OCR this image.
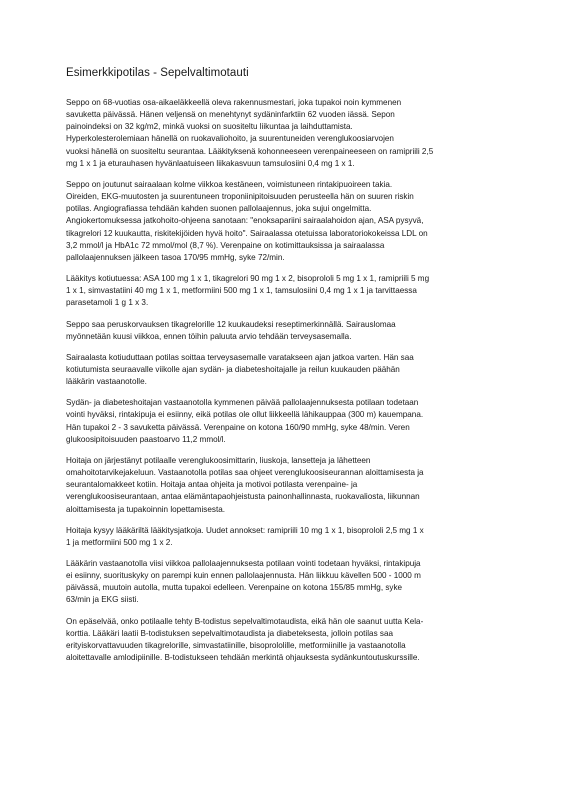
Esimerkkipotilas - Sepelvaltimotauti

Seppo on 68-vuotias osa-aikaeläkkeellä oleva rakennusmestari, joka tupakoi noin kymmenen
savuketta päivässä. Hänen veljensä on menehtynyt sydäninfarktiin 62 vuoden iässä. Sepon
painoindeksi on 32 kg/m2, minkä vuoksi on suositeltu liikuntaa ja laihduttamista.
Hyperkolesterolemiaan hänellä on ruokavaliohoito, ja suurentuneiden verenglukoosiarvojen
vuoksi hänellä on suositeltu seurantaa. Lääkityksenä kohonneeseen verenpaineeseen on ramipriili 2,5
mg 1 x 1 ja eturauhasen hyvänlaatuiseen liikakasvuun tamsulosiini 0,4 mg 1 x 1.

Seppo on joutunut sairaalaan kolme viikkoa kestäneen, voimistuneen rintakipuoireen takia.
Oireiden, EKG-muutosten ja suurentuneen troponiinipitoisuuden perusteella hän on suuren riskin
potilas. Angiografiassa tehdään kahden suonen pallolaajennus, joka sujui ongelmitta.
Angiokertomuksessa jatkohoito-ohjeena sanotaan: "enoksapariini sairaalahoidon ajan, ASA pysyvä,
tikagrelori 12 kuukautta, riskitekijöiden hyvä hoito". Sairaalassa otetuissa laboratoriokokeissa LDL on
3,2 mmol/l ja HbA1c 72 mmol/mol (8,7 %). Verenpaine on kotimittauksissa ja sairaalassa
pallolaajennuksen jälkeen tasoa 170/95 mmHg, syke 72/min.

Lääkitys kotiutuessa: ASA 100 mg 1 x 1, tikagrelori 90 mg 1 x 2, bisoprololi 5 mg 1 x 1, ramipriili 5 mg
1 x 1, simvastatiini 40 mg 1 x 1, metformiini 500 mg 1 x 1, tamsulosiini 0,4 mg 1 x 1 ja tarvittaessa
parasetamoli 1 g 1 x 3.

Seppo saa peruskorvauksen tikagrelorille 12 kuukaudeksi reseptimerkinnällä. Sairauslomaa
myönnetään kuusi viikkoa, ennen töihin paluuta arvio tehdään terveysasemalla.

Sairaalasta kotiuduttaan potilas soittaa terveysasemalle varatakseen ajan jatkoa varten. Hän saa
kotiutumista seuraavalle viikolle ajan sydän- ja diabeteshoitajalle ja reilun kuukauden päähän
lääkärin vastaanotolle.

Sydän- ja diabeteshoitajan vastaanotolla kymmenen päivää pallolaajennuksesta potilaan todetaan
vointi hyväksi, rintakipuja ei esiinny, eikä potilas ole ollut liikkeellä lähikauppaa (300 m) kauempana.
Hän tupakoi 2 - 3 savuketta päivässä. Verenpaine on kotona 160/90 mmHg, syke 48/min. Veren
glukoosipitoisuuden paastoarvo 11,2 mmol/l.

Hoitaja on järjestänyt potilaalle verenglukoosimittarin, liuskoja, lansetteja ja lähetteen
omahoitotarvikejakeluun. Vastaanotolla potilas saa ohjeet verenglukoosiseurannan aloittamisesta ja
seurantalomakkeet kotiin. Hoitaja antaa ohjeita ja motivoi potilasta verenpaine- ja
verenglukoosiseurantaan, antaa elämäntapaohjeistusta painonhallinnasta, ruokavaliosta, liikunnan
aloittamisesta ja tupakoinnin lopettamisesta.

Hoitaja kysyy lääkäriltä lääkitysjatkoja. Uudet annokset: ramipriili 10 mg 1 x 1, bisoprololi 2,5 mg 1 x
1 ja metformiini 500 mg 1 x 2.

Lääkärin vastaanotolla viisi viikkoa pallolaajennuksesta potilaan vointi todetaan hyväksi, rintakipuja
ei esiinny, suorituskyky on parempi kuin ennen pallolaajennusta. Hän liikkuu kävellen 500 - 1000 m
päivässä, muutoin autolla, mutta tupakoi edelleen. Verenpaine on kotona 155/85 mmHg, syke
63/min ja EKG siisti.

On epäselvää, onko potilaalle tehty B-todistus sepelvaltimotaudista, eikä hän ole saanut uutta Kela-
korttia. Lääkäri laatii B-todistuksen sepelvaltimotaudista ja diabeteksesta, jolloin potilas saa
erityiskorvattavuuden tikagrelorille, simvastatiinille, bisoprololille, metformiinille ja vastaanotolla
aloitettavalle amlodipiinille. B-todistukseen tehdään merkintä ohjauksesta sydänkuntoutuskurssille.
